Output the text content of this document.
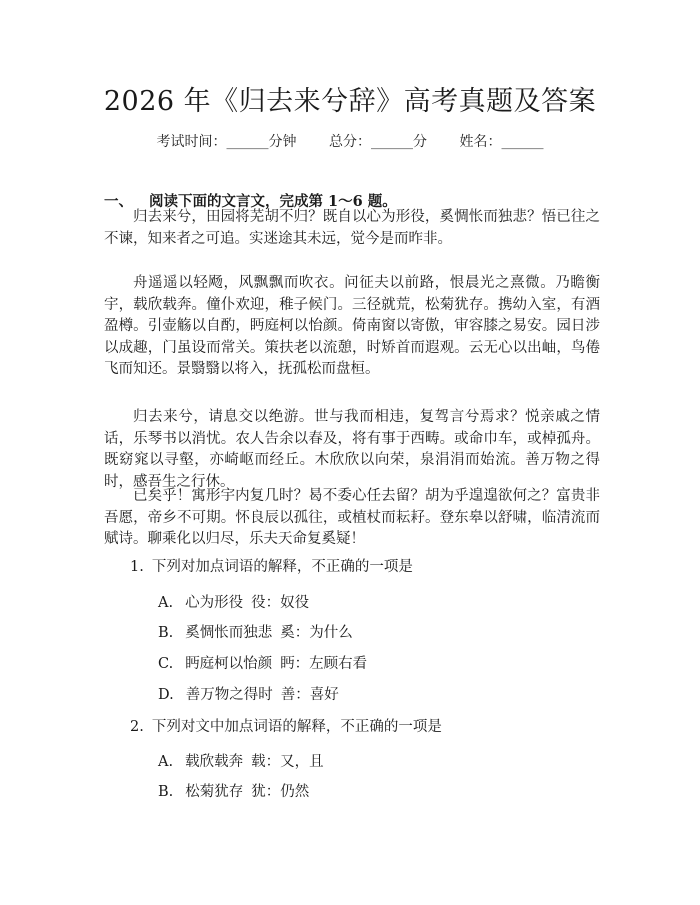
2026 年《归去来兮辞》高考真题及答案
考试时间：______分钟 总分：______分 姓名：______
一、 阅读下面的文言文，完成第 1～6 题。

归去来兮，田园将芜胡不归？既自以心为形役，奚惆怅而独悲？悟已往之不谏，知来者之可追。实迷途其未远，觉今是而昨非。

舟遥遥以轻飏，风飘飘而吹衣。问征夫以前路，恨晨光之熹微。乃瞻衡宇，载欣载奔。僮仆欢迎，稚子候门。三径就荒，松菊犹存。携幼入室，有酒盈樽。引壶觞以自酌，眄庭柯以怡颜。倚南窗以寄傲，审容膝之易安。园日涉以成趣，门虽设而常关。策扶老以流憩，时矫首而遐观。云无心以出岫，鸟倦飞而知还。景翳翳以将入，抚孤松而盘桓。

归去来兮，请息交以绝游。世与我而相违，复驾言兮焉求？悦亲戚之情话，乐琴书以消忧。农人告余以春及，将有事于西畴。或命巾车，或棹孤舟。既窈窕以寻壑，亦崎岖而经丘。木欣欣以向荣，泉涓涓而始流。善万物之得时，感吾生之行休。

已矣乎！寓形宇内复几时？曷不委心任去留？胡为乎遑遑欲何之？富贵非吾愿，帝乡不可期。怀良辰以孤往，或植杖而耘耔。登东皋以舒啸，临清流而赋诗。聊乘化以归尽，乐夫天命复奚疑！

1. 下列对加点词语的解释，不正确的一项是
A. 心为形役 役：奴役
B. 奚惆怅而独悲 奚：为什么
C. 眄庭柯以怡颜 眄：左顾右看
D. 善万物之得时 善：喜好
2. 下列对文中加点词语的解释，不正确的一项是
A. 载欣载奔 载：又，且
B. 松菊犹存 犹：仍然
